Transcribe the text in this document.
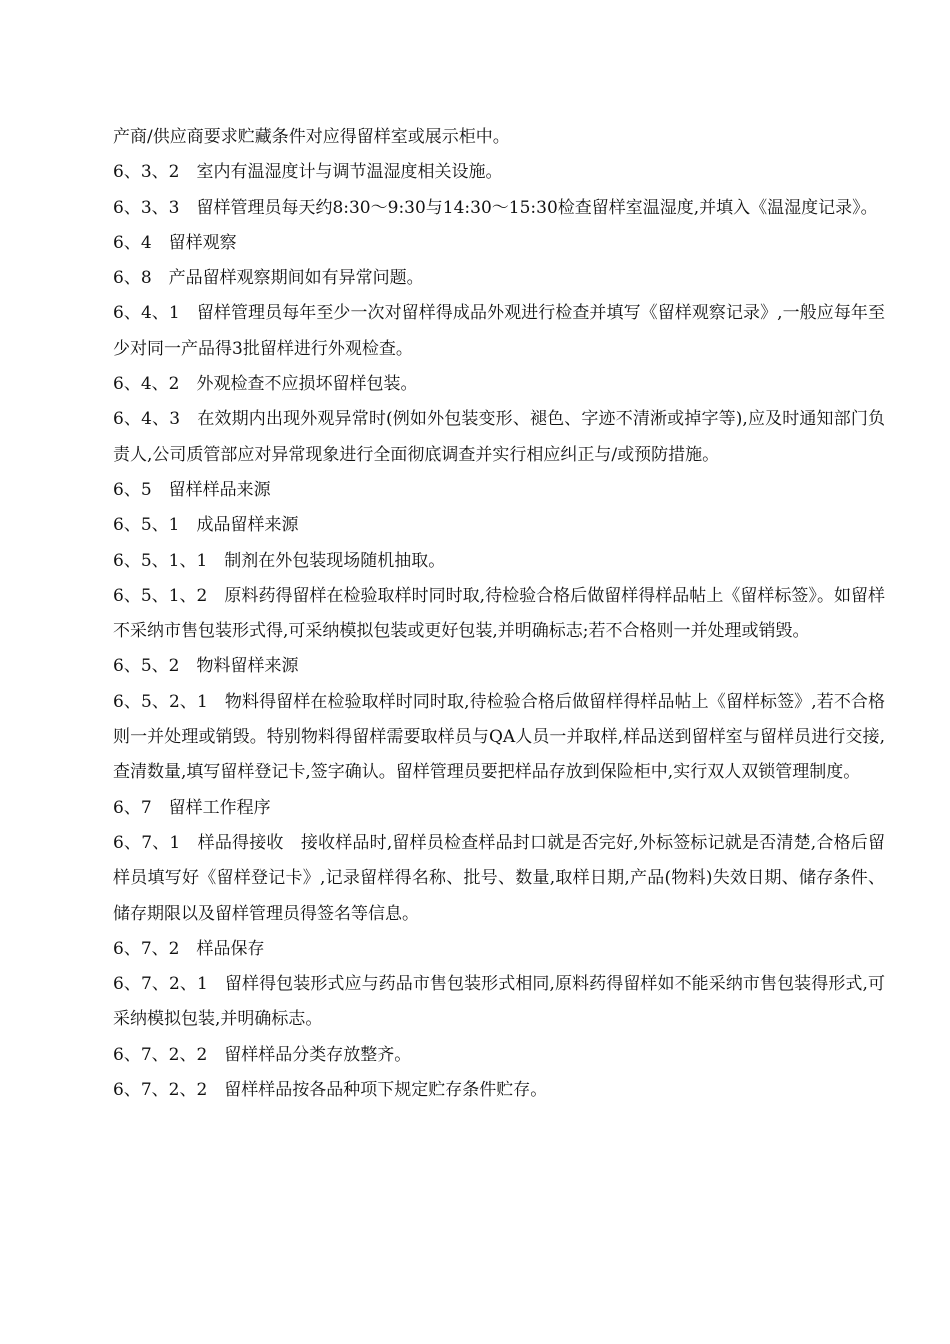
产商/供应商要求贮藏条件对应得留样室或展示柜中。

6、3、2　室内有温湿度计与调节温湿度相关设施。

6、3、3　留样管理员每天约8:30～9:30与14:30～15:30检查留样室温湿度,并填入《温湿度记录》。

6、4　留样观察

6、8　产品留样观察期间如有异常问题。

6、4、1　留样管理员每年至少一次对留样得成品外观进行检查并填写《留样观察记录》,一般应每年至少对同一产品得3批留样进行外观检查。

6、4、2　外观检查不应损坏留样包装。

6、4、3　在效期内出现外观异常时(例如外包装变形、褪色、字迹不清淅或掉字等),应及时通知部门负责人,公司质管部应对异常现象进行全面彻底调查并实行相应纠正与/或预防措施。

6、5　留样样品来源

6、5、1　成品留样来源

6、5、1、1　制剂在外包装现场随机抽取。

6、5、1、2　原料药得留样在检验取样时同时取,待检验合格后做留样得样品帖上《留样标签》。如留样不采纳市售包装形式得,可采纳模拟包装或更好包装,并明确标志;若不合格则一并处理或销毁。

6、5、2　物料留样来源

6、5、2、1　物料得留样在检验取样时同时取,待检验合格后做留样得样品帖上《留样标签》,若不合格则一并处理或销毁。特别物料得留样需要取样员与QA人员一并取样,样品送到留样室与留样员进行交接,查清数量,填写留样登记卡,签字确认。留样管理员要把样品存放到保险柜中,实行双人双锁管理制度。

6、7　留样工作程序

6、7、1　样品得接收　接收样品时,留样员检查样品封口就是否完好,外标签标记就是否清楚,合格后留样员填写好《留样登记卡》,记录留样得名称、批号、数量,取样日期,产品(物料)失效日期、储存条件、储存期限以及留样管理员得签名等信息。

6、7、2　样品保存

6、7、2、1　留样得包装形式应与药品市售包装形式相同,原料药得留样如不能采纳市售包装得形式,可采纳模拟包装,并明确标志。

6、7、2、2　留样样品分类存放整齐。

6、7、2、2　留样样品按各品种项下规定贮存条件贮存。
